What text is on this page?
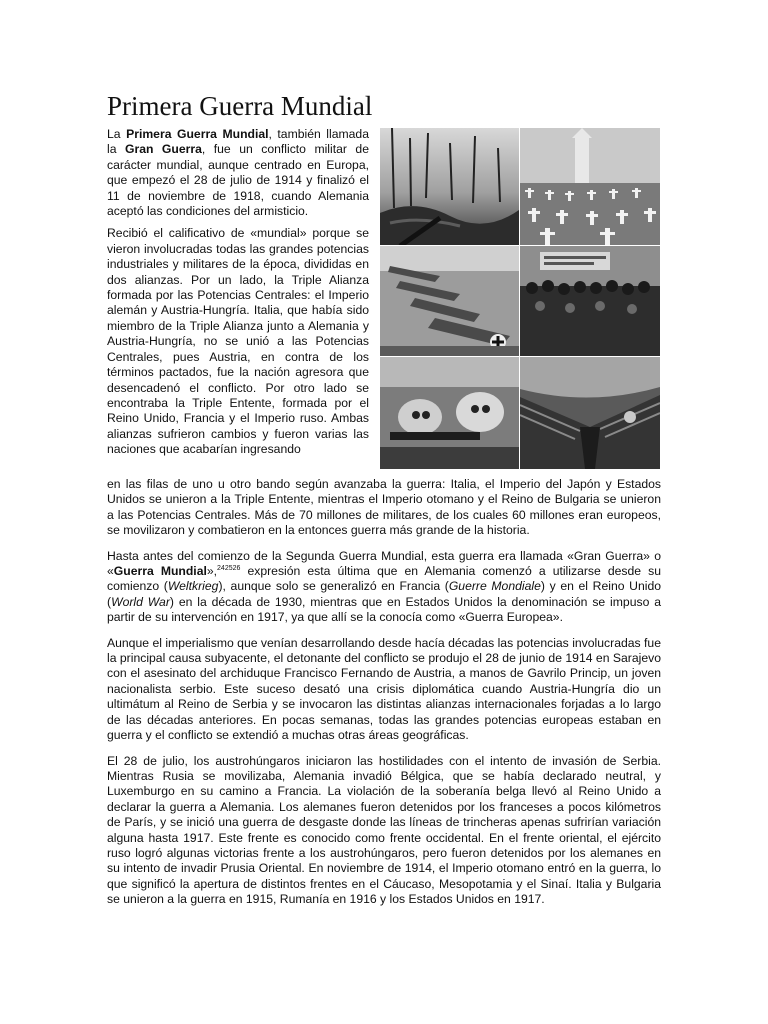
Primera Guerra Mundial

La Primera Guerra Mundial, también llamada la Gran Guerra, fue un conflicto militar de carácter mundial, aunque centrado en Europa, que empezó el 28 de julio de 1914 y finalizó el 11 de noviembre de 1918, cuando Alemania aceptó las condiciones del armisticio.

Recibió el calificativo de «mundial» porque se vieron involucradas todas las grandes potencias industriales y militares de la época, divididas en dos alianzas. Por un lado, la Triple Alianza formada por las Potencias Centrales: el Imperio alemán y Austria-Hungría. Italia, que había sido miembro de la Triple Alianza junto a Alemania y Austria-Hungría, no se unió a las Potencias Centrales, pues Austria, en contra de los términos pactados, fue la nación agresora que desencadenó el conflicto. Por otro lado se encontraba la Triple Entente, formada por el Reino Unido, Francia y el Imperio ruso. Ambas alianzas sufrieron cambios y fueron varias las naciones que acabarían ingresando

en las filas de uno u otro bando según avanzaba la guerra: Italia, el Imperio del Japón y Estados Unidos se unieron a la Triple Entente, mientras el Imperio otomano y el Reino de Bulgaria se unieron a las Potencias Centrales. Más de 70 millones de militares, de los cuales 60 millones eran europeos, se movilizaron y combatieron en la entonces guerra más grande de la historia.

Hasta antes del comienzo de la Segunda Guerra Mundial, esta guerra era llamada «Gran Guerra» o «Guerra Mundial»,$^{242526}$ expresión esta última que en Alemania comenzó a utilizarse desde su comienzo (Weltkrieg), aunque solo se generalizó en Francia (Guerre Mondiale) y en el Reino Unido (World War) en la década de 1930, mientras que en Estados Unidos la denominación se impuso a partir de su intervención en 1917, ya que allí se la conocía como «Guerra Europea».

Aunque el imperialismo que venían desarrollando desde hacía décadas las potencias involucradas fue la principal causa subyacente, el detonante del conflicto se produjo el 28 de junio de 1914 en Sarajevo con el asesinato del archiduque Francisco Fernando de Austria, a manos de Gavrilo Princip, un joven nacionalista serbio. Este suceso desató una crisis diplomática cuando Austria-Hungría dio un ultimátum al Reino de Serbia y se invocaron las distintas alianzas internacionales forjadas a lo largo de las décadas anteriores. En pocas semanas, todas las grandes potencias europeas estaban en guerra y el conflicto se extendió a muchas otras áreas geográficas.

El 28 de julio, los austrohúngaros iniciaron las hostilidades con el intento de invasión de Serbia. Mientras Rusia se movilizaba, Alemania invadió Bélgica, que se había declarado neutral, y Luxemburgo en su camino a Francia. La violación de la soberanía belga llevó al Reino Unido a declarar la guerra a Alemania. Los alemanes fueron detenidos por los franceses a pocos kilómetros de París, y se inició una guerra de desgaste donde las líneas de trincheras apenas sufrirían variación alguna hasta 1917. Este frente es conocido como frente occidental. En el frente oriental, el ejército ruso logró algunas victorias frente a los austrohúngaros, pero fueron detenidos por los alemanes en su intento de invadir Prusia Oriental. En noviembre de 1914, el Imperio otomano entró en la guerra, lo que significó la apertura de distintos frentes en el Cáucaso, Mesopotamia y el Sinaí. Italia y Bulgaria se unieron a la guerra en 1915, Rumanía en 1916 y los Estados Unidos en 1917.
